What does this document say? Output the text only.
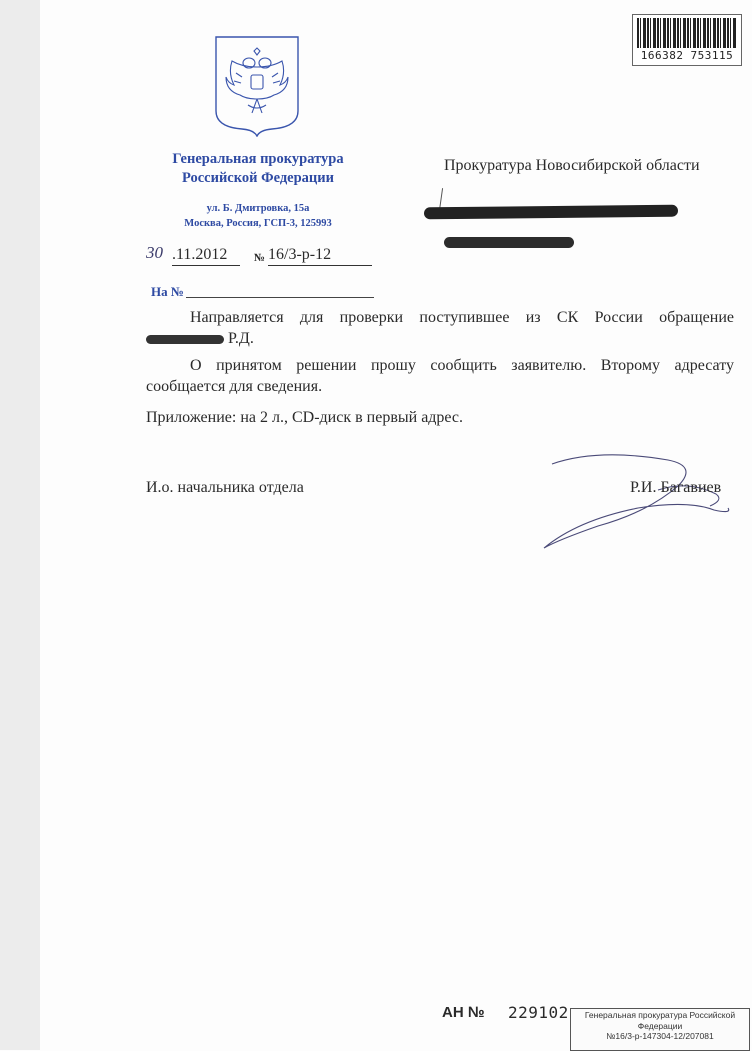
166382 753115
Генеральная прокуратура
Российской Федерации
ул. Б. Дмитровка, 15а
Москва, Россия, ГСП-3, 125993
Прокуратура Новосибирской области
30 .11.2012	№ 16/3-р-12
На №
Направляется для проверки поступившее из СК России обращение
Р.Д.
О принятом решении прошу сообщить заявителю. Второму адресату сообщается для сведения.
Приложение: на 2 л., CD-диск в первый адрес.
И.о. начальника отдела	Р.И. Багавиев
АН № 229102	Генеральная прокуратура Российской
Федерации
№16/3-р-147304-12/207081
